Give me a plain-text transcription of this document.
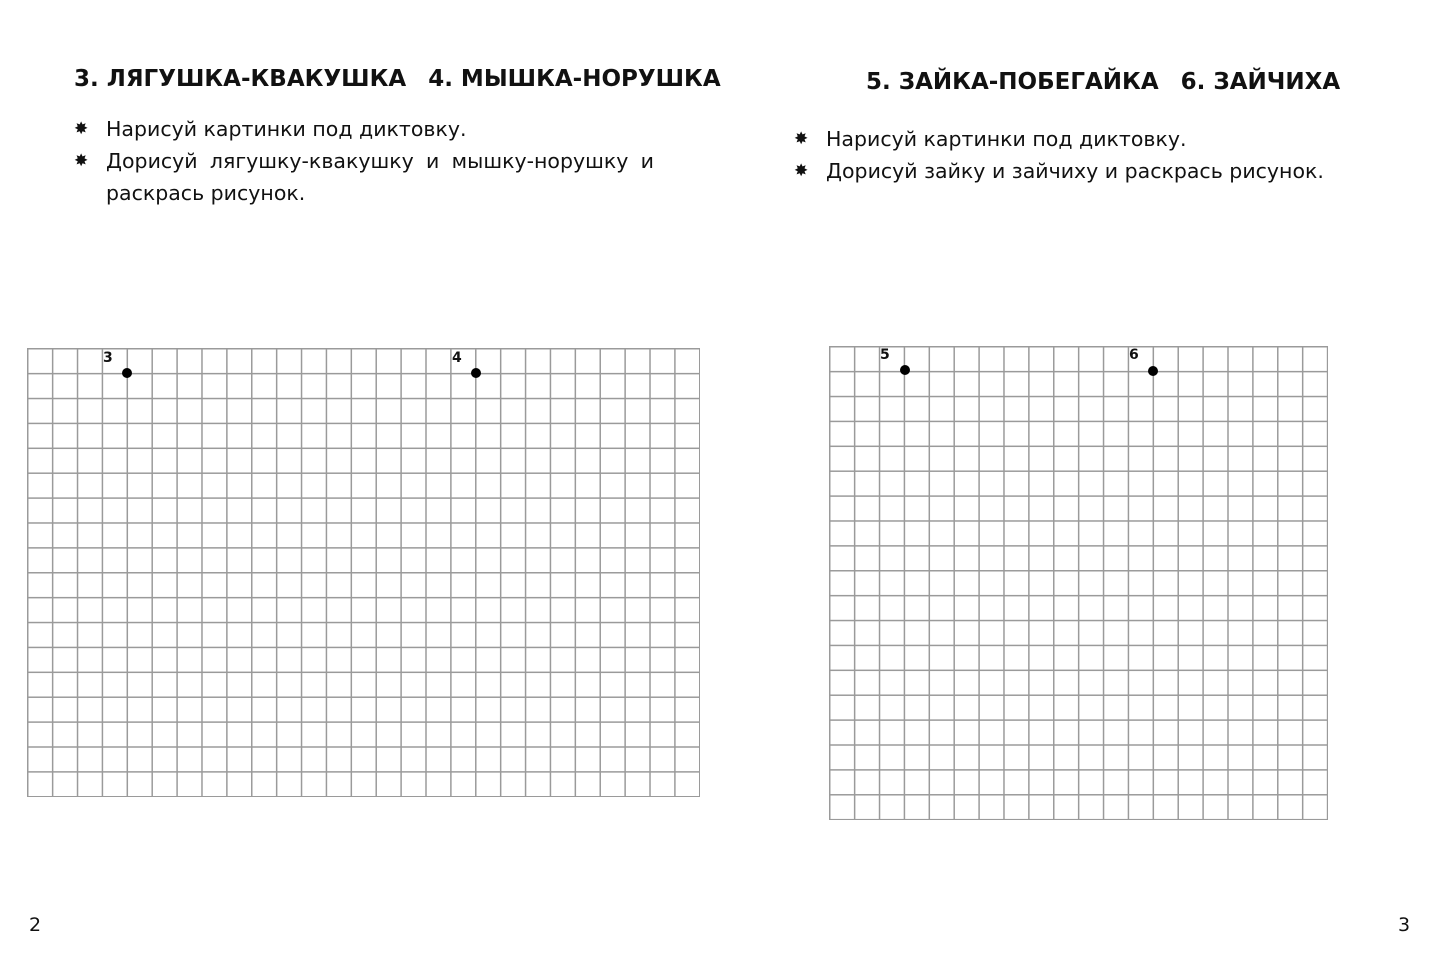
3. ЛЯГУШКА-КВАКУШКА 4. МЫШКА-НОРУШКА
✸ Нарисуй картинки под диктовку.
✸ Дорисуй лягушку-квакушку и мышку-норушку и раскрась рисунок.
3	4
2
5. ЗАЙКА-ПОБЕГАЙКА 6. ЗАЙЧИХА
✸ Нарисуй картинки под диктовку.
✸ Дорисуй зайку и зайчиху и раскрась рисунок.
5	6
3
